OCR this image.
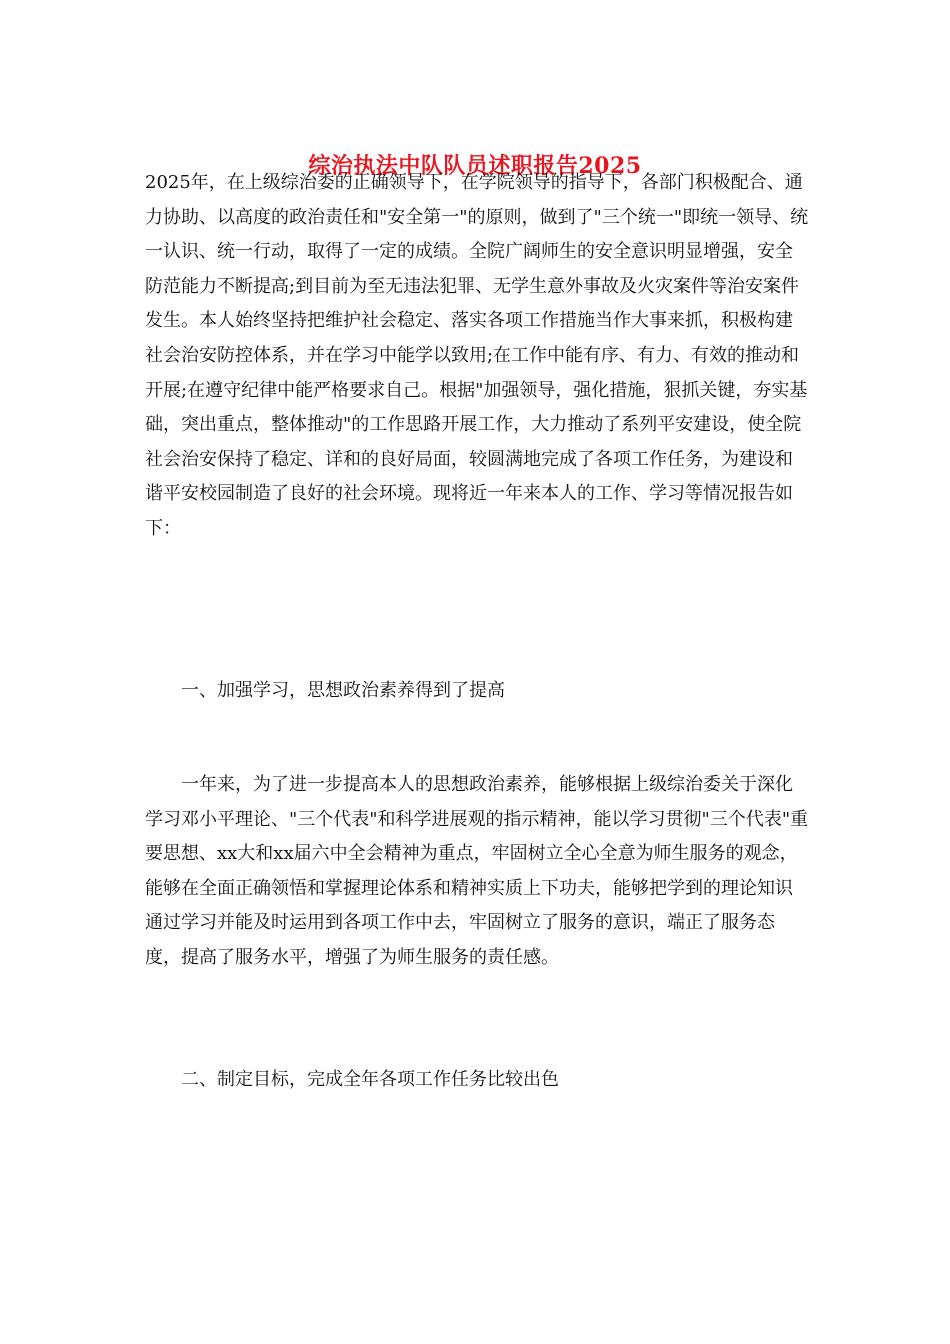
综治执法中队队员述职报告2025

2025年，在上级综治委的正确领导下，在学院领导的指导下，各部门积极配合、通力协助、以高度的政治责任和"安全第一"的原则，做到了"三个统一"即统一领导、统一认识、统一行动，取得了一定的成绩。全院广阔师生的安全意识明显增强，安全防范能力不断提高;到目前为至无违法犯罪、无学生意外事故及火灾案件等治安案件发生。本人始终坚持把维护社会稳定、落实各项工作措施当作大事来抓，积极构建社会治安防控体系，并在学习中能学以致用;在工作中能有序、有力、有效的推动和开展;在遵守纪律中能严格要求自己。根据"加强领导，强化措施，狠抓关键，夯实基础，突出重点，整体推动"的工作思路开展工作，大力推动了系列平安建设，使全院社会治安保持了稳定、详和的良好局面，较圆满地完成了各项工作任务，为建设和谐平安校园制造了良好的社会环境。现将近一年来本人的工作、学习等情况报告如下：

一、加强学习，思想政治素养得到了提高

一年来，为了进一步提高本人的思想政治素养，能够根据上级综治委关于深化学习邓小平理论、"三个代表"和科学进展观的指示精神，能以学习贯彻"三个代表"重要思想、xx大和xx届六中全会精神为重点，牢固树立全心全意为师生服务的观念，能够在全面正确领悟和掌握理论体系和精神实质上下功夫，能够把学到的理论知识通过学习并能及时运用到各项工作中去，牢固树立了服务的意识，端正了服务态度，提高了服务水平，增强了为师生服务的责任感。

二、制定目标，完成全年各项工作任务比较出色
